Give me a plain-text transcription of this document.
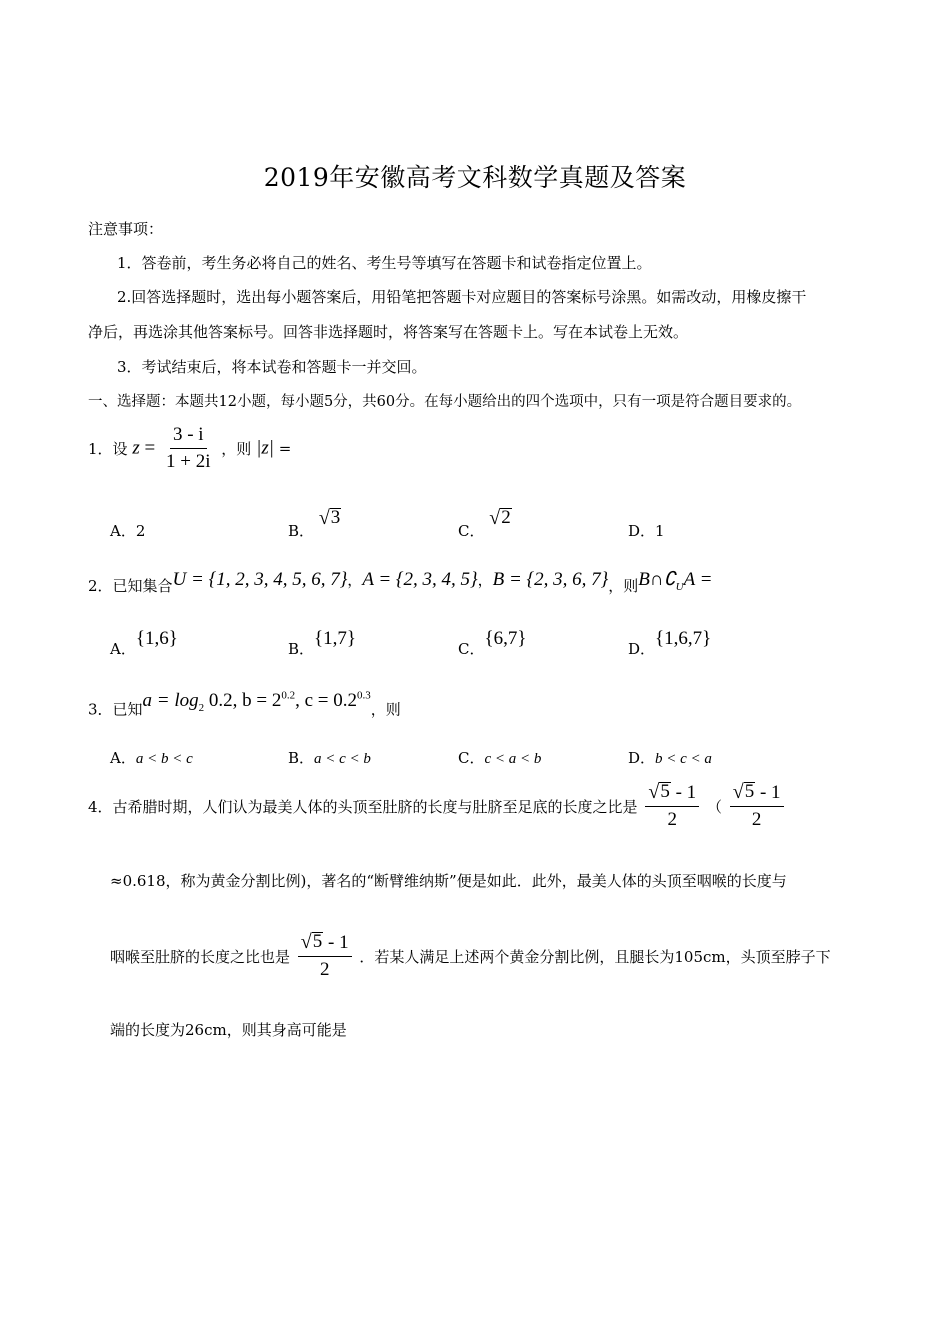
2019年安徽高考文科数学真题及答案
注意事项：
1．答卷前，考生务必将自己的姓名、考生号等填写在答题卡和试卷指定位置上。
2.回答选择题时，选出每小题答案后，用铅笔把答题卡对应题目的答案标号涂黑。如需改动，用橡皮擦干
净后，再选涂其他答案标号。回答非选择题时，将答案写在答题卡上。写在本试卷上无效。
3．考试结束后，将本试卷和答题卡一并交回。
一、选择题：本题共12小题，每小题5分，共60分。在每小题给出的四个选项中，只有一项是符合题目要求的。
1．设 $z = \frac{3 - i}{1 + 2i}$ ，则 |z| =
A．2	B．
√ 3
C．
√ 2
D．1
2．已知集合U = {1, 2, 3, 4, 5, 6, 7}，A = {2, 3, 4, 5}，B = {2, 3, 6, 7}，则$B\cap∁_UA$ =
A．{1,6}	B．{1,7}	C．{6,7}	D．{1,6,7}
3．已知$a = \log_2 0.2$, $b = 2^{0.2}$, $c = 0.2^{0.3}$，则
A．a < b < c	B．a < c < b	C．c < a < b	D．b < c < a
4．古希腊时期，人们认为最美人体的头顶至肚脐的长度与肚脐至足底的长度之比是 $\frac{√ 5 - 1}{2}$ （ $\frac{√ 5 - 1}{2}$
≈0.618，称为黄金分割比例)，著名的“断臂维纳斯”便是如此．此外，最美人体的头顶至咽喉的长度与
咽喉至肚脐的长度之比也是 $\frac{√ 5 - 1}{2}$ ．若某人满足上述两个黄金分割比例，且腿长为105cm，头顶至脖子下
端的长度为26cm，则其身高可能是
